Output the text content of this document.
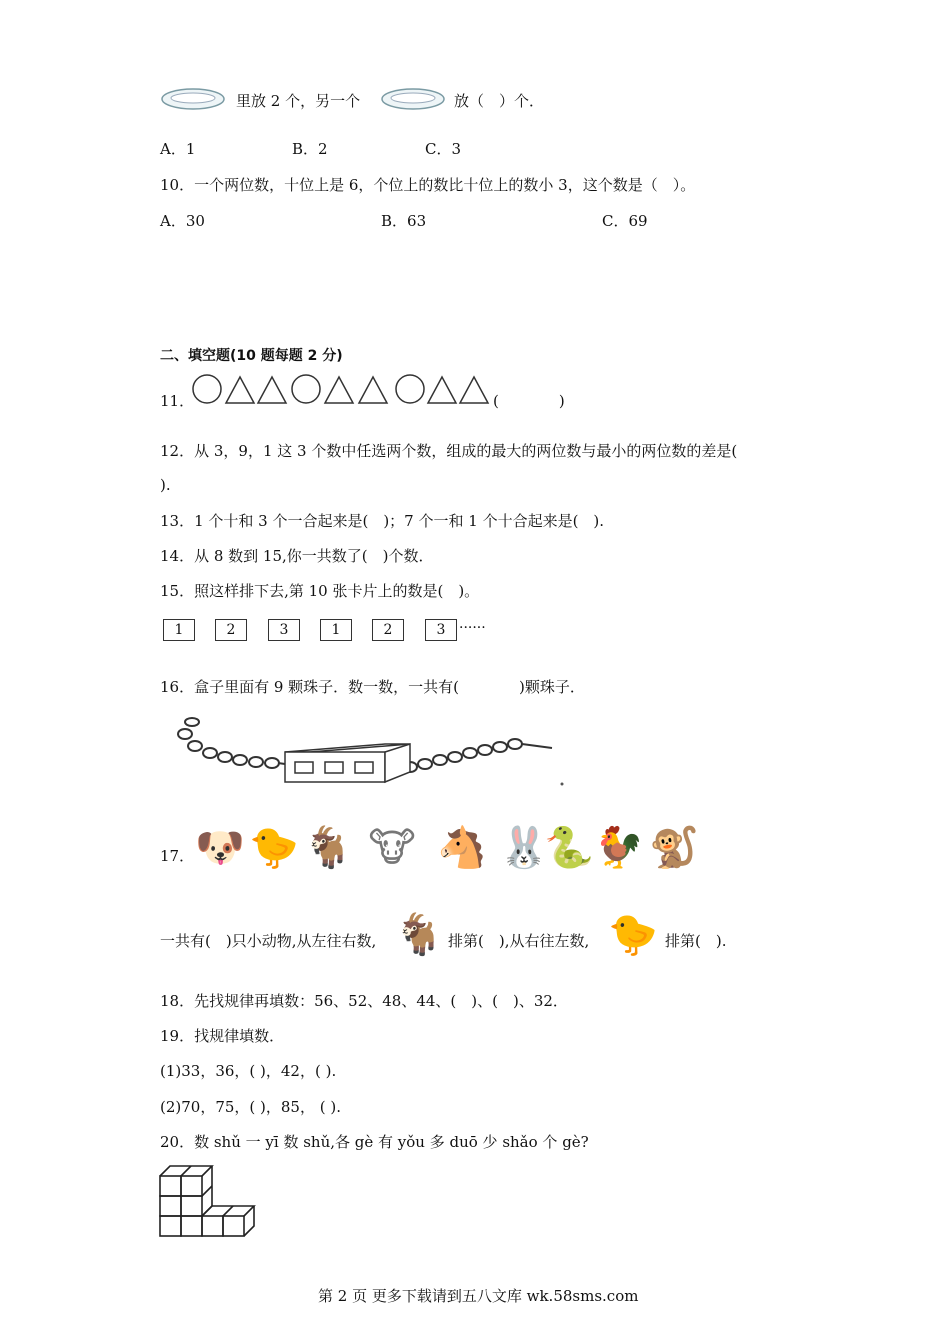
里放 2 个，另一个	放（　）个．
A．1	B．2	C．3
10．一个两位数，十位上是 6，个位上的数比十位上的数小 3，这个数是（　）。
A．30	B．63	C．69
二、填空题(10 题每题 2 分)
11．	(　　　　)
12．从 3，9，1 这 3 个数中任选两个数，组成的最大的两位数与最小的两位数的差是(
).
13．1 个十和 3 个一合起来是(　)；7 个一和 1 个十合起来是(　).
14．从 8 数到 15,你一共数了(　)个数．
15．照这样排下去,第 10 张卡片上的数是(　)。
1	2	3	1	2	3 ······
16．盒子里面有 9 颗珠子．数一数，一共有(　　　　)颗珠子．
17． 🐶 🐤 🐐 🐮 🐴 🐰
🐍 🐓 🐒
一共有(　)只小动物,从左往右数, 🐐 排第(　),从右往左数, 🐤 排第(　).
18．先找规律再填数：56、52、48、44、(　)、(　)、32．
19．找规律填数．
(1)33，36，( )，42，( ).
(2)70，75，( )，85， ( ).
20．数 shǔ 一 yī 数 shǔ,各 gè 有 yǒu 多 duō 少 shǎo 个 gè?
第 2 页 更多下载请到五八文库 wk.58sms.com
